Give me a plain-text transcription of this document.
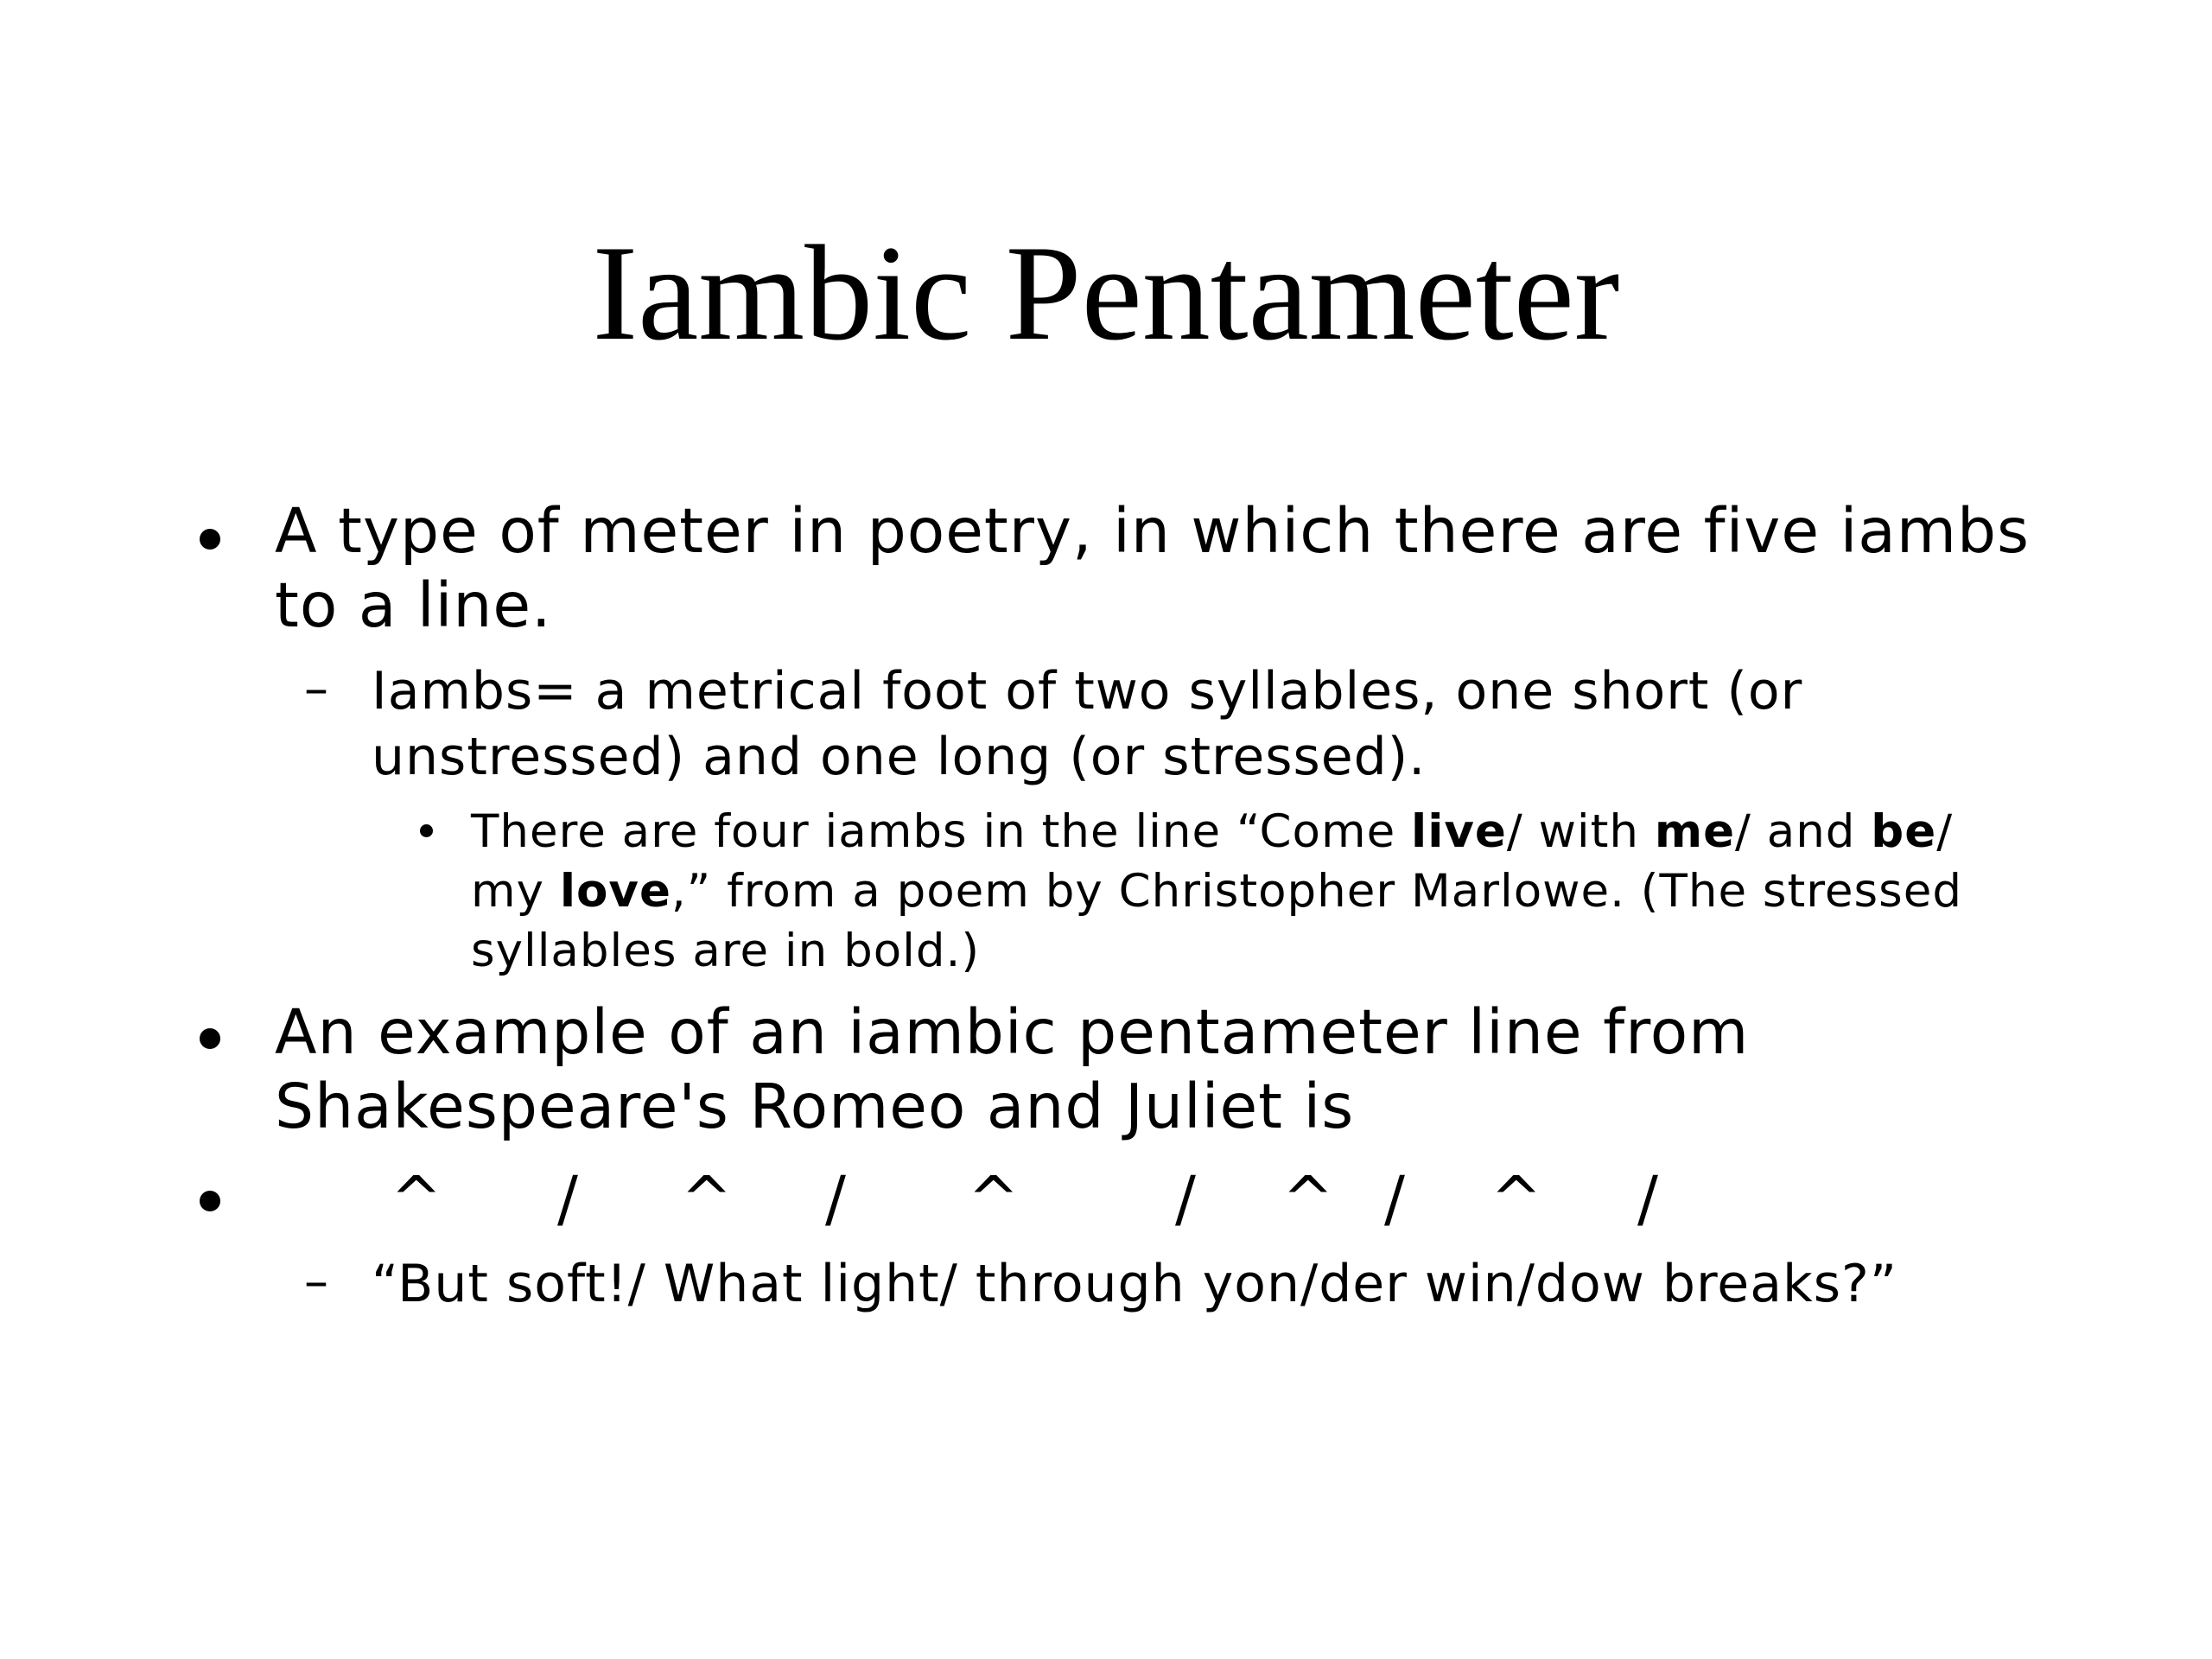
Iambic Pentameter
A type of meter in poetry, in which there are five iambs to a line.
– Iambs= a metrical foot of two syllables, one short (or unstressed) and one long (or stressed).
There are four iambs in the line “Come live/ with me/ and be/ my love,” from a poem by Christopher Marlowe. (The stressed syllables are in bold.)
An example of an iambic pentameter line from Shakespeare's Romeo and Juliet is
^ / ^ / ^	/ ^ / ^ /
– “But soft!/ What light/ through yon/der win/dow breaks?”
